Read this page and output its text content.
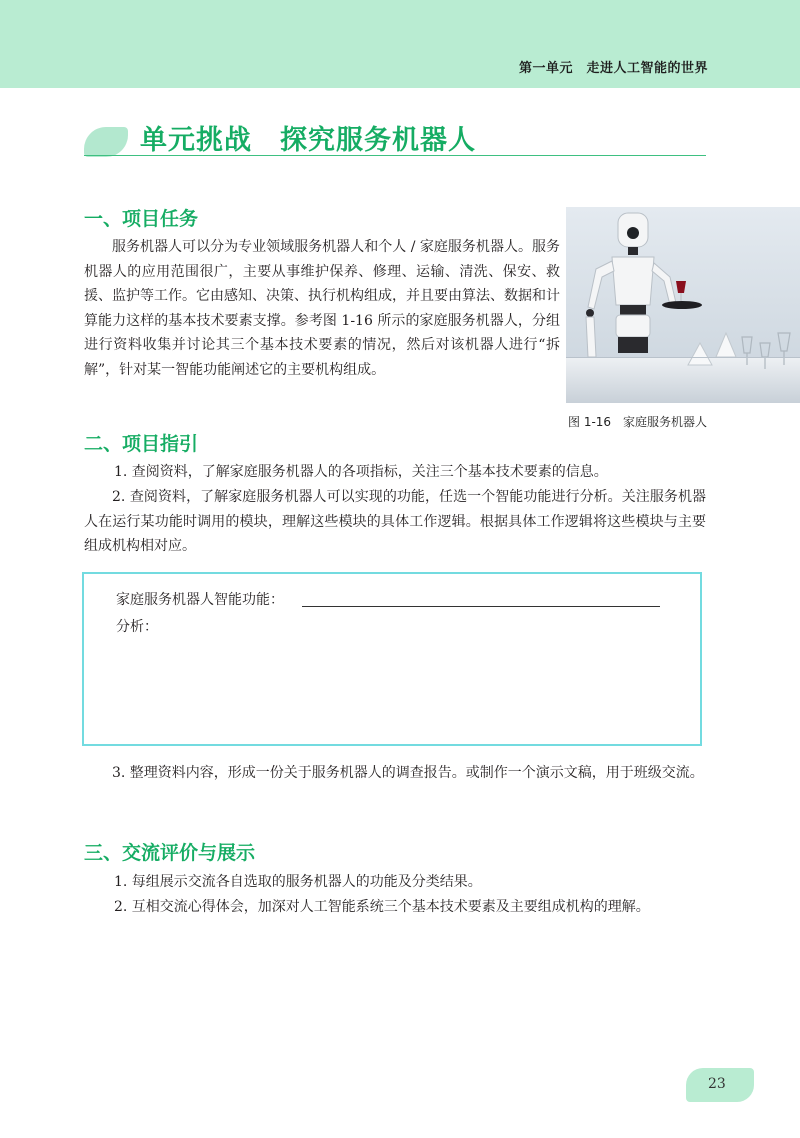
第一单元　走进人工智能的世界
单元挑战　探究服务机器人
一、项目任务

服务机器人可以分为专业领域服务机器人和个人 / 家庭服务机器人。服务机器人的应用范围很广，主要从事维护保养、修理、运输、清洗、保安、救援、监护等工作。它由感知、决策、执行机构组成，并且要由算法、数据和计算能力这样的基本技术要素支撑。参考图 1-16 所示的家庭服务机器人，分组进行资料收集并讨论其三个基本技术要素的情况，然后对该机器人进行“拆解”，针对某一智能功能阐述它的主要机构组成。

图 1-16　家庭服务机器人
二、项目指引
1. 查阅资料，了解家庭服务机器人的各项指标，关注三个基本技术要素的信息。

2. 查阅资料，了解家庭服务机器人可以实现的功能，任选一个智能功能进行分析。关注服务机器人在运行某功能时调用的模块，理解这些模块的具体工作逻辑。根据具体工作逻辑将这些模块与主要组成机构相对应。

家庭服务机器人智能功能：
分析：

3. 整理资料内容，形成一份关于服务机器人的调查报告。或制作一个演示文稿，用于班级交流。

三、交流评价与展示
1. 每组展示交流各自选取的服务机器人的功能及分类结果。
2. 互相交流心得体会，加深对人工智能系统三个基本技术要素及主要组成机构的理解。
23
